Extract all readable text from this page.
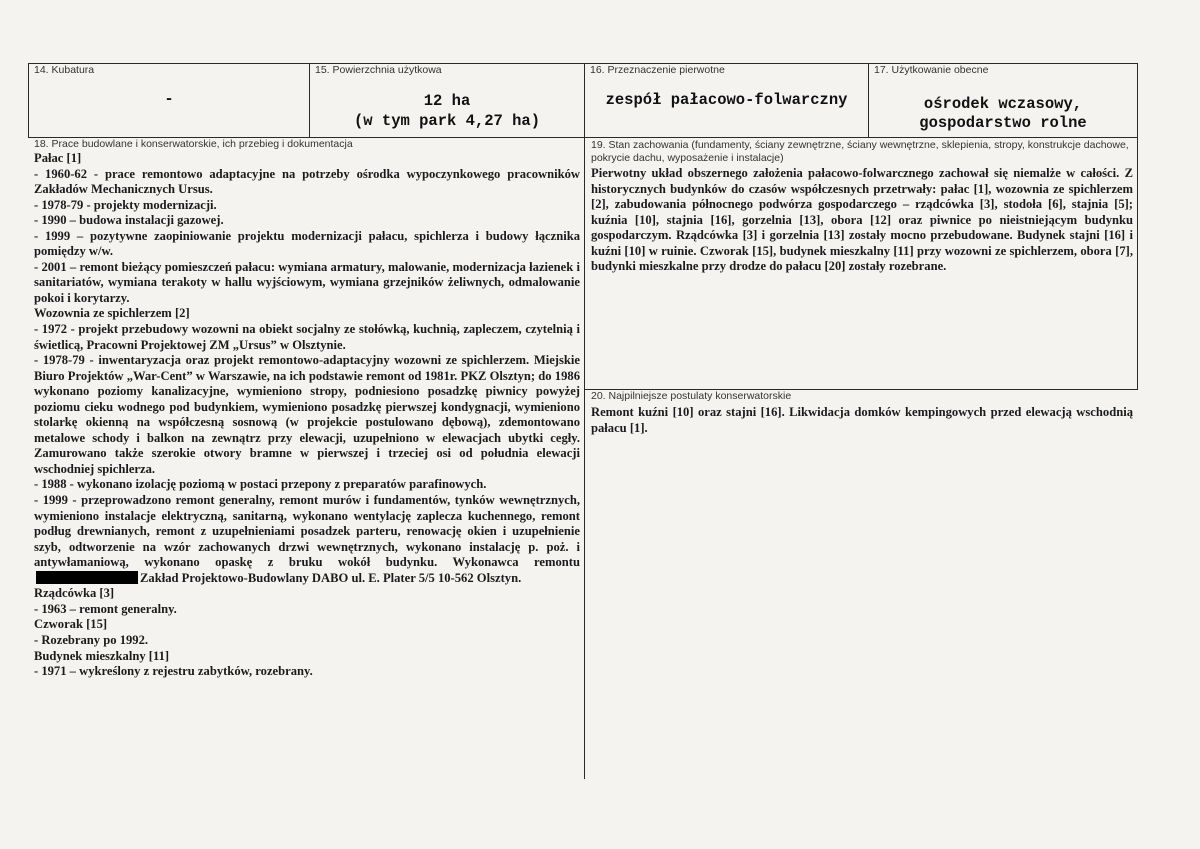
14. Kubatura
-
15. Powierzchnia użytkowa
12 ha
(w tym park 4,27 ha)
16. Przeznaczenie pierwotne
zespół pałacowo-folwarczny
17. Użytkowanie obecne
ośrodek wczasowy,
gospodarstwo rolne
18. Prace budowlane i konserwatorskie, ich przebieg i dokumentacja

Pałac [1]

- 1960-62 - prace remontowo adaptacyjne na potrzeby ośrodka wypoczynkowego pracowników Zakładów Mechanicznych Ursus.

- 1978-79 - projekty modernizacji.

- 1990 – budowa instalacji gazowej.

- 1999 – pozytywne zaopiniowanie projektu modernizacji pałacu, spichlerza i budowy łącznika pomiędzy w/w.

- 2001 – remont bieżący pomieszczeń pałacu: wymiana armatury, malowanie, modernizacja łazienek i sanitariatów, wymiana terakoty w hallu wyjściowym, wymiana grzejników żeliwnych, odmalowanie pokoi i korytarzy.

Wozownia ze spichlerzem [2]

- 1972 - projekt przebudowy wozowni na obiekt socjalny ze stołówką, kuchnią, zapleczem, czytelnią i świetlicą, Pracowni Projektowej ZM „Ursus” w Olsztynie.

- 1978-79 - inwentaryzacja oraz projekt remontowo-adaptacyjny wozowni ze spichlerzem. Miejskie Biuro Projektów „War-Cent” w Warszawie, na ich podstawie remont od 1981r. PKZ Olsztyn; do 1986 wykonano poziomy kanalizacyjne, wymieniono stropy, podniesiono posadzkę piwnicy powyżej poziomu cieku wodnego pod budynkiem, wymieniono posadzkę pierwszej kondygnacji, wymieniono stolarkę okienną na współczesną sosnową (w projekcie postulowano dębową), zdemontowano metalowe schody i balkon na zewnątrz przy elewacji, uzupełniono w elewacjach ubytki cegły. Zamurowano także szerokie otwory bramne w pierwszej i trzeciej osi od południa elewacji wschodniej spichlerza.

- 1988 - wykonano izolację poziomą w postaci przepony z preparatów parafinowych.

- 1999 - przeprowadzono remont generalny, remont murów i fundamentów, tynków wewnętrznych, wymieniono instalacje elektryczną, sanitarną, wykonano wentylację zaplecza kuchennego, remont podług drewnianych, remont z uzupełnieniami posadzek parteru, renowację okien i uzupełnienie szyb, odtworzenie na wzór zachowanych drzwi wewnętrznych, wykonano instalację p. poż. i antywłamaniową, wykonano opaskę z bruku wokół budynku. Wykonawca remontuZakład Projektowo-Budowlany DABO ul. E. Plater 5/5 10-562 Olsztyn.

Rządcówka [3]

- 1963 – remont generalny.

Czworak [15]

- Rozebrany po 1992.

Budynek mieszkalny [11]

- 1971 – wykreślony z rejestru zabytków, rozebrany.

19. Stan zachowania (fundamenty, ściany zewnętrzne, ściany wewnętrzne, sklepienia, stropy, konstrukcje dachowe, pokrycie dachu, wyposażenie i instalacje)

Pierwotny układ obszernego założenia pałacowo-folwarcznego zachował się niemalże w całości. Z historycznych budynków do czasów współczesnych przetrwały: pałac [1], wozownia ze spichlerzem [2], zabudowania północnego podwórza gospodarczego – rządcówka [3], stodoła [6], stajnia [5]; kuźnia [10], stajnia [16], gorzelnia [13], obora [12] oraz piwnice po nieistniejącym budynku gospodarczym. Rządcówka [3] i gorzelnia [13] zostały mocno przebudowane. Budynek stajni [16] i kuźni [10] w ruinie. Czworak [15], budynek mieszkalny [11] przy wozowni ze spichlerzem, obora [7], budynki mieszkalne przy drodze do pałacu [20] zostały rozebrane.

20. Najpilniejsze postulaty konserwatorskie

Remont kuźni [10] oraz stajni [16]. Likwidacja domków kempingowych przed elewacją wschodnią pałacu [1].
